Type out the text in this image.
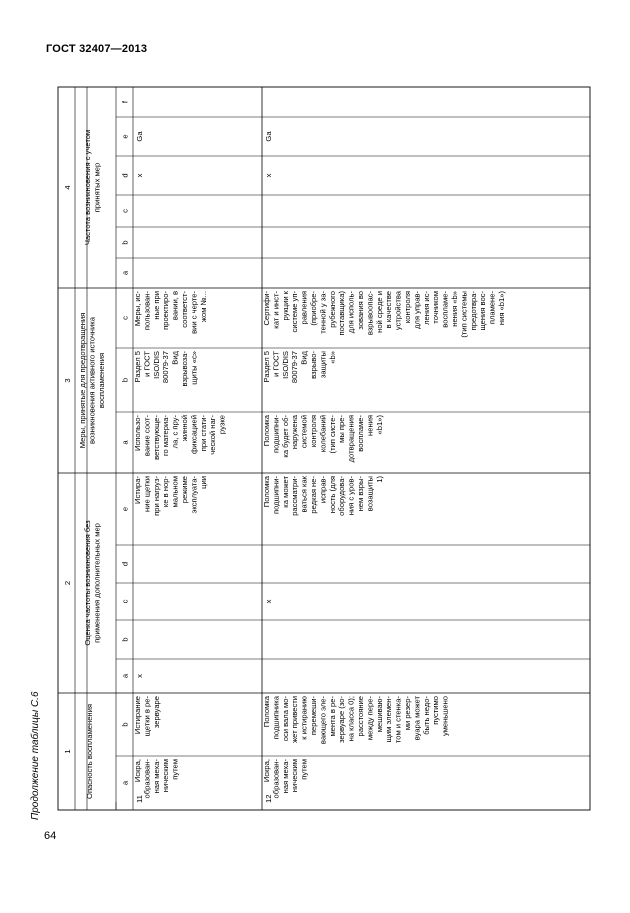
ГОСТ 32407—2013
Продолжение таблицы С.6
64
1
2
3
4
Опасность воспламенения
Оценка частоты возникновения без применения дополнительных мер
Меры, принятые для предотвращения возникновения активного источника воспламенения
Частота возникновения с учетом принятых мер
a
b
a
b
c
d
e
a
b
c
a
b
c
d
e
f
11
Искра, образован- ная меха- ническим путем
Истирание щетки в ре- зервуаре
x
Истира- ние щетки при нагруз- ке в нор- мальном режиме эксплуата- ции
Использо- вание соот- ветствующе- го материа- ла, с пру- жинной фиксацией при стати- ческой наг- рузке
Раздел 5 и ГОСТ ISO/DIS 80079-37 Вид взрывоза- щиты «с»
Меры, ис- пользован- ные при проектиро- вании, в соответст- вии с черте- жом №...
x
Ga
12
Искра, образован- ная меха- ническим путем
Поломка подшипника оси вала мо- жет привести к истиранию перемеши- вающего эле- мента в ре- зервуаре (зо- на класса 0); расстояние между пере- мешиваю- щим элемен- том и стенка- ми резер- вуара может быть недо- пустимо уменьшено
x
Поломка подшипни- ка может рассматри- ваться как редкая не- исправ- ность (для оборудова- ния с уров- нем взры- возащиты 1)
Поломка подшипни- ка будет об- наружена системой контроля колебаний (тип систе- мы пре- дотвращения воспламе- нения «b1»)
Раздел 5 и ГОСТ ISO/DIS 80079-37 Вид взрыво- защиты «b»
Сертифи- кат и инст- рукции к системе уп- равления (приобре- тенной у за- рубежного поставщика) для исполь- зования во взрывоопас- ной среде и в качестве устройства контроля для управ- ления ис- точником воспламе- нения «b» (тип системы предотвра- щения вос- пламене- ния «b1»)
x
Ga
